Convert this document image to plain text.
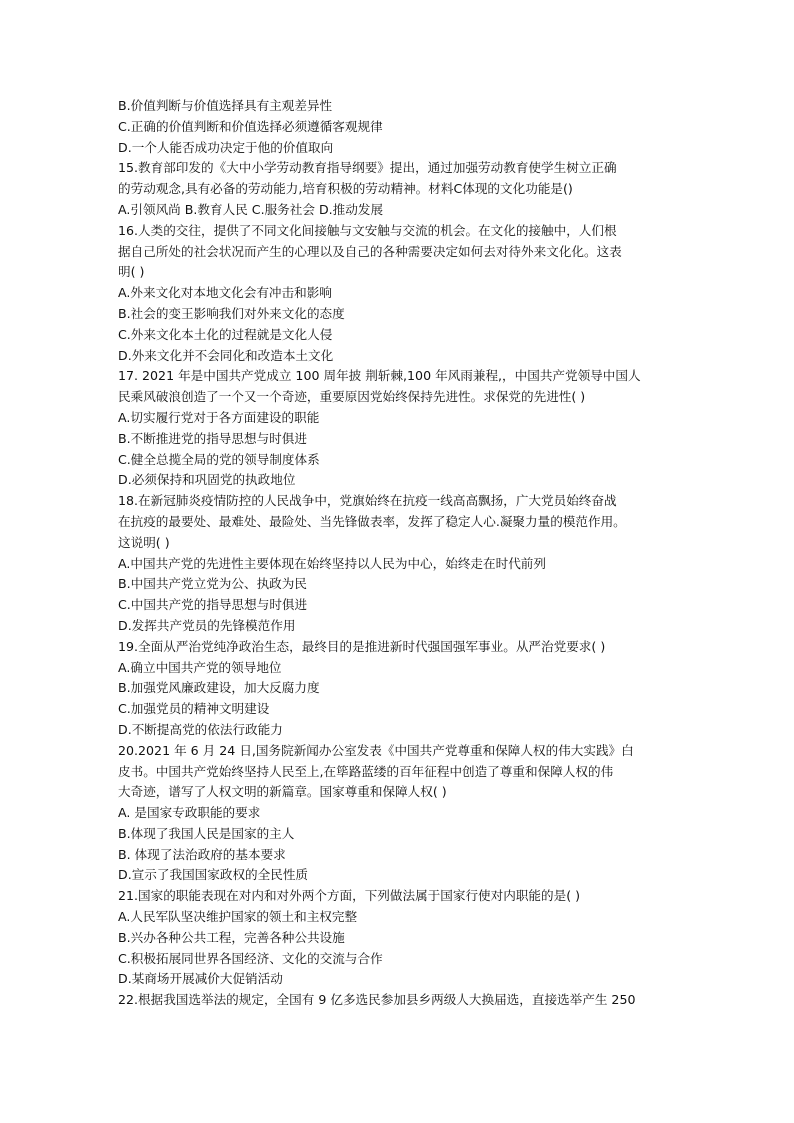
B.价值判断与价值选择具有主观差异性
C.正确的价值判断和价值选择必须遵循客观规律
D.一个人能否成功决定于他的价值取向
15.教育部印发的《大中小学劳动教育指导纲要》提出，通过加强劳动教育使学生树立正确
的劳动观念,具有必备的劳动能力,培育积极的劳动精神。材料C体现的文化功能是()
A.引领风尚 B.教育人民 C.服务社会 D.推动发展
16.人类的交往，提供了不同文化间接触与文安触与交流的机会。在文化的接触中，人们根
据自己所处的社会状况而产生的心理以及自己的各种需要决定如何去对待外来文化化。这表
明( )
A.外来文化对本地文化会有冲击和影响
B.社会的变王影响我们对外来文化的态度
C.外来文化本土化的过程就是文化人侵
D.外来文化并不会同化和改造本土文化
17. 2021 年是中国共产党成立 100 周年披 荆斩棘,100 年风雨兼程,，中国共产党领导中国人
民乘风破浪创造了一个又一个奇迹，重要原因党始终保持先进性。求保党的先进性( )
A.切实履行党对于各方面建设的职能
B.不断推进党的指导思想与时俱进
C.健全总揽全局的党的领导制度体系
D.必须保持和巩固党的执政地位
18.在新冠肺炎疫情防控的人民战争中，党旗始终在抗疫一线高高飘扬，广大党员始终奋战
在抗疫的最要处、最难处、最险处、当先锋做表率，发挥了稳定人心.凝聚力量的模范作用。
这说明( )
A.中国共产党的先进性主要体现在始终坚持以人民为中心，始终走在时代前列
B.中国共产党立党为公、执政为民
C.中国共产党的指导思想与时俱进
D.发挥共产党员的先锋模范作用
19.全面从严治党纯净政治生态，最终目的是推进新时代强国强军事业。从严治党要求( )
A.确立中国共产党的领导地位
B.加强党风廉政建设，加大反腐力度
C.加强党员的精神文明建设
D.不断提高党的依法行政能力
20.2021 年 6 月 24 日,国务院新闻办公室发表《中国共产党尊重和保障人权的伟大实践》白
皮书。中国共产党始终坚持人民至上,在筚路蓝缕的百年征程中创造了尊重和保障人权的伟
大奇迹，谱写了人权文明的新篇章。国家尊重和保障人权( )
A. 是国家专政职能的要求
B.体现了我国人民是国家的主人
B. 体现了法治政府的基本要求
D.宣示了我国国家政权的全民性质
21.国家的职能表现在对内和对外两个方面，下列做法属于国家行使对内职能的是( )
A.人民军队坚决维护国家的领土和主权完整
B.兴办各种公共工程，完善各种公共设施
C.积极拓展同世界各国经济、文化的交流与合作
D.某商场开展减价大促销活动
22.根据我国选举法的规定，全国有 9 亿多选民参加县乡两级人大换届选，直接选举产生 250
